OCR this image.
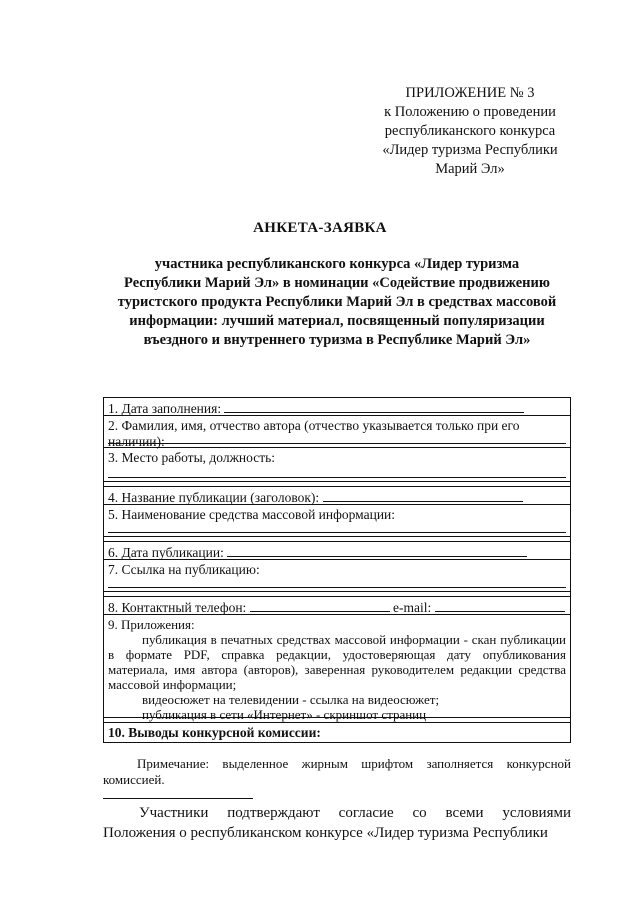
ПРИЛОЖЕНИЕ № 3
к Положению о проведении
республиканского конкурса
«Лидер туризма Республики
Марий Эл»
АНКЕТА-ЗАЯВКА
участника республиканского конкурса «Лидер туризма
Республики Марий Эл» в номинации «Содействие продвижению
туристского продукта Республики Марий Эл в средствах массовой
информации: лучший материал, посвященный популяризации
въездного и внутреннего туризма в Республике Марий Эл»
1. Дата заполнения:
2. Фамилия, имя, отчество автора (отчество указывается только при его наличии):
3. Место работы, должность:
4. Название публикации (заголовок):
5. Наименование средства массовой информации:
6. Дата публикации:
7. Ссылка на публикацию:
8. Контактный телефон:	e-mail:
9. Приложения:
публикация в печатных средствах массовой информации - скан публикации в формате PDF, справка редакции, удостоверяющая дату опубликования материала, имя автора (авторов), заверенная руководителем редакции средства массовой информации;
видеосюжет на телевидении - ссылка на видеосюжет;
публикация в сети «Интернет» - скриншот страниц
10. Выводы конкурсной комиссии:
Примечание: выделенное жирным шрифтом заполняется конкурсной комиссией.
Участники подтверждают согласие со всеми условиями Положения о республиканском конкурсе «Лидер туризма Республики
